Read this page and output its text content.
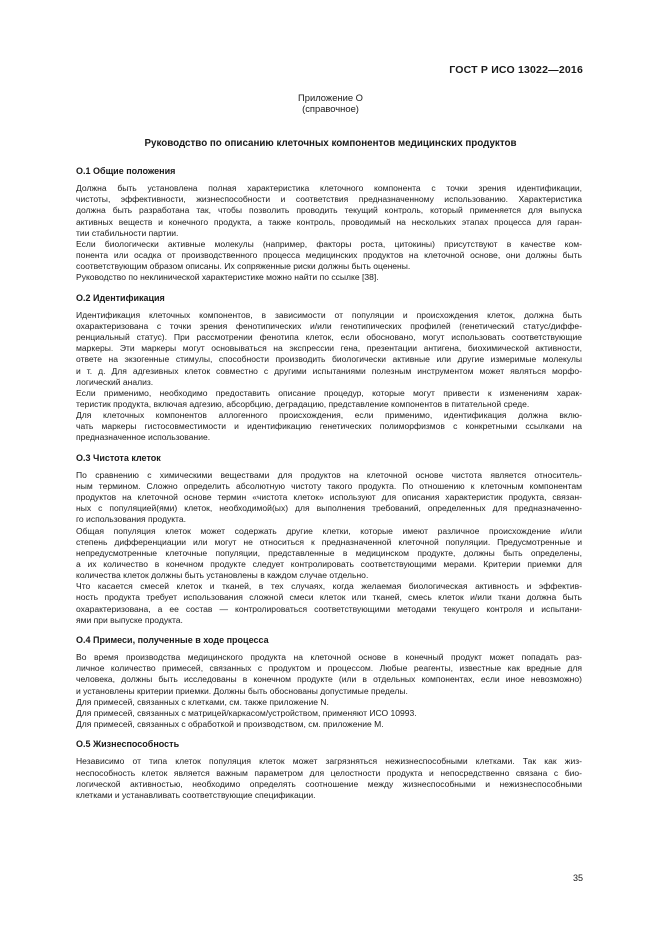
ГОСТ Р ИСО 13022—2016
Приложение O
(справочное)
Руководство по описанию клеточных компонентов медицинских продуктов
O.1 Общие положения
Должна быть установлена полная характеристика клеточного компонента с точки зрения идентификации,
чистоты, эффективности, жизнеспособности и соответствия предназначенному использованию. Характеристика
должна быть разработана так, чтобы позволить проводить текущий контроль, который применяется для выпуска
активных веществ и конечного продукта, а также контроль, проводимый на нескольких этапах процесса для гаран-
тии стабильности партии.
Если биологически активные молекулы (например, факторы роста, цитокины) присутствуют в качестве ком-
понента или осадка от производственного процесса медицинских продуктов на клеточной основе, они должны быть
соответствующим образом описаны. Их сопряженные риски должны быть оценены.
Руководство по неклинической характеристике можно найти по ссылке [38].
O.2 Идентификация
Идентификация клеточных компонентов, в зависимости от популяции и происхождения клеток, должна быть
охарактеризована с точки зрения фенотипических и/или генотипических профилей (генетический статус/диффе-
ренциальный статус). При рассмотрении фенотипа клеток, если обосновано, могут использовать соответствующие
маркеры. Эти маркеры могут основываться на экспрессии гена, презентации антигена, биохимической активности,
ответе на экзогенные стимулы, способности производить биологически активные или другие измеримые молекулы
и т. д. Для адгезивных клеток совместно с другими испытаниями полезным инструментом может являться морфо-
логический анализ.
Если применимо, необходимо предоставить описание процедур, которые могут привести к изменениям харак-
теристик продукта, включая адгезию, абсорбцию, деградацию, представление компонентов в питательной среде.
Для клеточных компонентов аллогенного происхождения, если применимо, идентификация должна вклю-
чать маркеры гистосовместимости и идентификацию генетических полиморфизмов с конкретными ссылками на
предназначенное использование.
O.3 Чистота клеток
По сравнению с химическими веществами для продуктов на клеточной основе чистота является относитель-
ным термином. Сложно определить абсолютную чистоту такого продукта. По отношению к клеточным компонентам
продуктов на клеточной основе термин «чистота клеток» используют для описания характеристик продукта, связан-
ных с популяцией(ями) клеток, необходимой(ых) для выполнения требований, определенных для предназначенно-
го использования продукта.
Общая популяция клеток может содержать другие клетки, которые имеют различное происхождение и/или
степень дифференциации или могут не относиться к предназначенной клеточной популяции. Предусмотренные и
непредусмотренные клеточные популяции, представленные в медицинском продукте, должны быть определены,
а их количество в конечном продукте следует контролировать соответствующими мерами. Критерии приемки для
количества клеток должны быть установлены в каждом случае отдельно.
Что касается смесей клеток и тканей, в тех случаях, когда желаемая биологическая активность и эффектив-
ность продукта требует использования сложной смеси клеток или тканей, смесь клеток и/или ткани должна быть
охарактеризована, а ее состав — контролироваться соответствующими методами текущего контроля и испытани-
ями при выпуске продукта.
O.4 Примеси, полученные в ходе процесса
Во время производства медицинского продукта на клеточной основе в конечный продукт может попадать раз-
личное количество примесей, связанных с продуктом и процессом. Любые реагенты, известные как вредные для
человека, должны быть исследованы в конечном продукте (или в отдельных компонентах, если иное невозможно)
и установлены критерии приемки. Должны быть обоснованы допустимые пределы.
Для примесей, связанных с клетками, см. также приложение N.
Для примесей, связанных с матрицей/каркасом/устройством, применяют ИСО 10993.
Для примесей, связанных с обработкой и производством, см. приложение M.
O.5 Жизнеспособность
Независимо от типа клеток популяция клеток может загрязняться нежизнеспособными клетками. Так как жиз-
неспособность клеток является важным параметром для целостности продукта и непосредственно связана с био-
логической активностью, необходимо определять соотношение между жизнеспособными и нежизнеспособными
клетками и устанавливать соответствующие спецификации.
35
